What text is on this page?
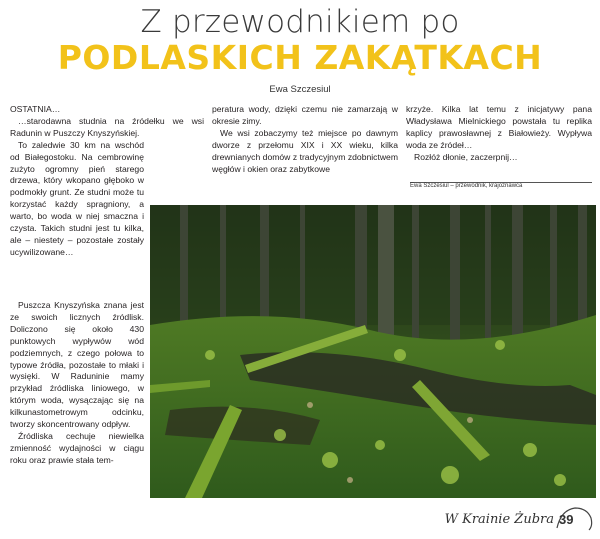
Z przewodnikiem po
PODLASKICH ZAKĄTKACH
Ewa Szczesiul

OSTATNIA…

…starodawna studnia na źródełku we wsi Radunin w Puszczy Knyszyńskiej.

To zaledwie 30 km na wschód od Białegostoku. Na cembrowinę zużyto ogromny pień starego drzewa, który wkopano głęboko w podmokły grunt. Ze studni może tu korzystać każdy spragniony, a warto, bo woda w niej smaczna i czysta. Takich studni jest tu kilka, ale – niestety – pozostałe zostały ucywilizowane…

Puszcza Knyszyńska znana jest ze swoich licznych źródlisk. Doliczono się około 430 punktowych wypływów wód podziemnych, z czego połowa to typowe źródła, pozostałe to młaki i wysięki. W Raduninie mamy przykład źródliska liniowego, w którym woda, wysączając się na kilkunastometrowym odcinku, tworzy skoncentrowany odpływ.

Źródliska cechuje niewielka zmienność wydajności w ciągu roku oraz prawie stała tem-

peratura wody, dzięki czemu nie zamarzają w okresie zimy.

We wsi zobaczymy też miejsce po dawnym dworze z przełomu XIX i XX wieku, kilka drewnianych domów z tradycyjnym zdobnictwem węgłów i okien oraz zabytkowe

krzyże. Kilka lat temu z inicjatywy pana Władysława Mielnickiego powstała tu replika kaplicy prawosławnej z Białowieży. Wypływa woda ze źródeł…

Rozłóż dłonie, zaczerpnij…

Ewa Szczesiul – przewodnik, krajoznawca
W Krainie Żubra 39
